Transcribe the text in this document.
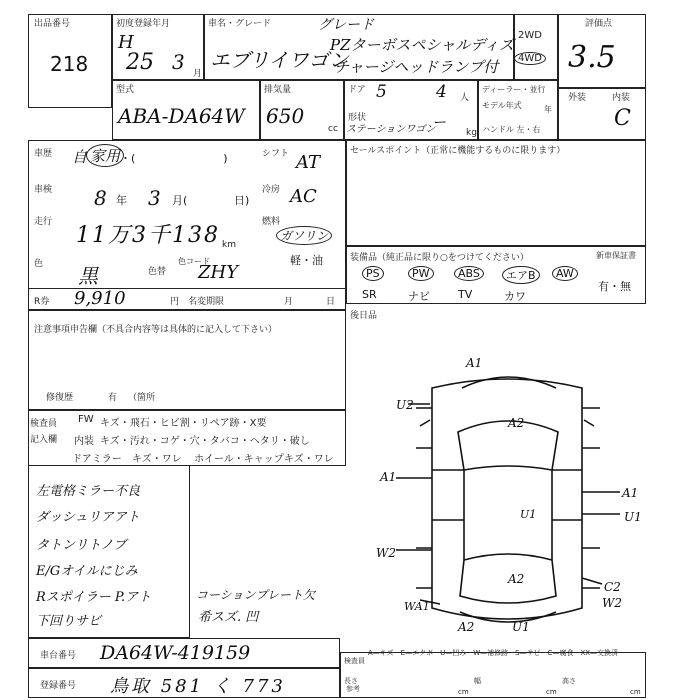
出品番号
218
初度登録年月
H
25 3 月
車名・グレード	グレード
エブリイワゴン
PZターボスペシャルディズ
チャージヘッドランプ付
2WD
4WD
評価点
3.5
外装	内装
C
型式
ABA-DA64W
排気量
650
cc
ドア 5	4 人
形状
ステーションワゴン
ー
kg
ディーラー・並行
モデル年式	年
ハンドル 左・右
車歴 自 家用 ・(　　　　　　　　)	シフト AT
車検 8 年 3 月(	日)
冷房 AC
走行
11万3千138 km
燃料
ガソリン
軽・油
色 黒	色替
色コード
ZHY
R券 9,910	円 名変期限	月	日
セールスポイント（正常に機能するものに限ります）
装備品（純正品に限り○をつけてください）	新車保証書
有・無
PS	PW	ABS	エアB	AW
SR	ナビ	TV	カワ
後日品
注意事項申告欄（不具合内容等は具体的に記入して下さい）
修復歴	有 （箇所
検査員
記入欄
FW キズ・飛石・ヒビ割・リペア跡・X要
内装 キズ・汚れ・コゲ・穴・タバコ・ヘタリ・破し
ドアミラー キズ・ワレ ホイール・キャップ キズ・ワレ
左電格ミラー不良
ダッシュリアアト
タトンリトノブ
E/Gオイルにじみ
Rスポイラー P.アト
下回りサビ
コーションプレート欠
希スズ. 凹
A1
U2
A2
A1
A1
U1
U1
W2
A2
C2
W2
WA1
A2	U1
A—キズ　E—エクボ　U—凹み　W—補修跡　S—サビ　C—腐食　XX—交換済
車台番号 DA64W-419159
登録番号 鳥取 581 く 773
検査員
長さ
参考	cm
幅
cm
高さ
cm
